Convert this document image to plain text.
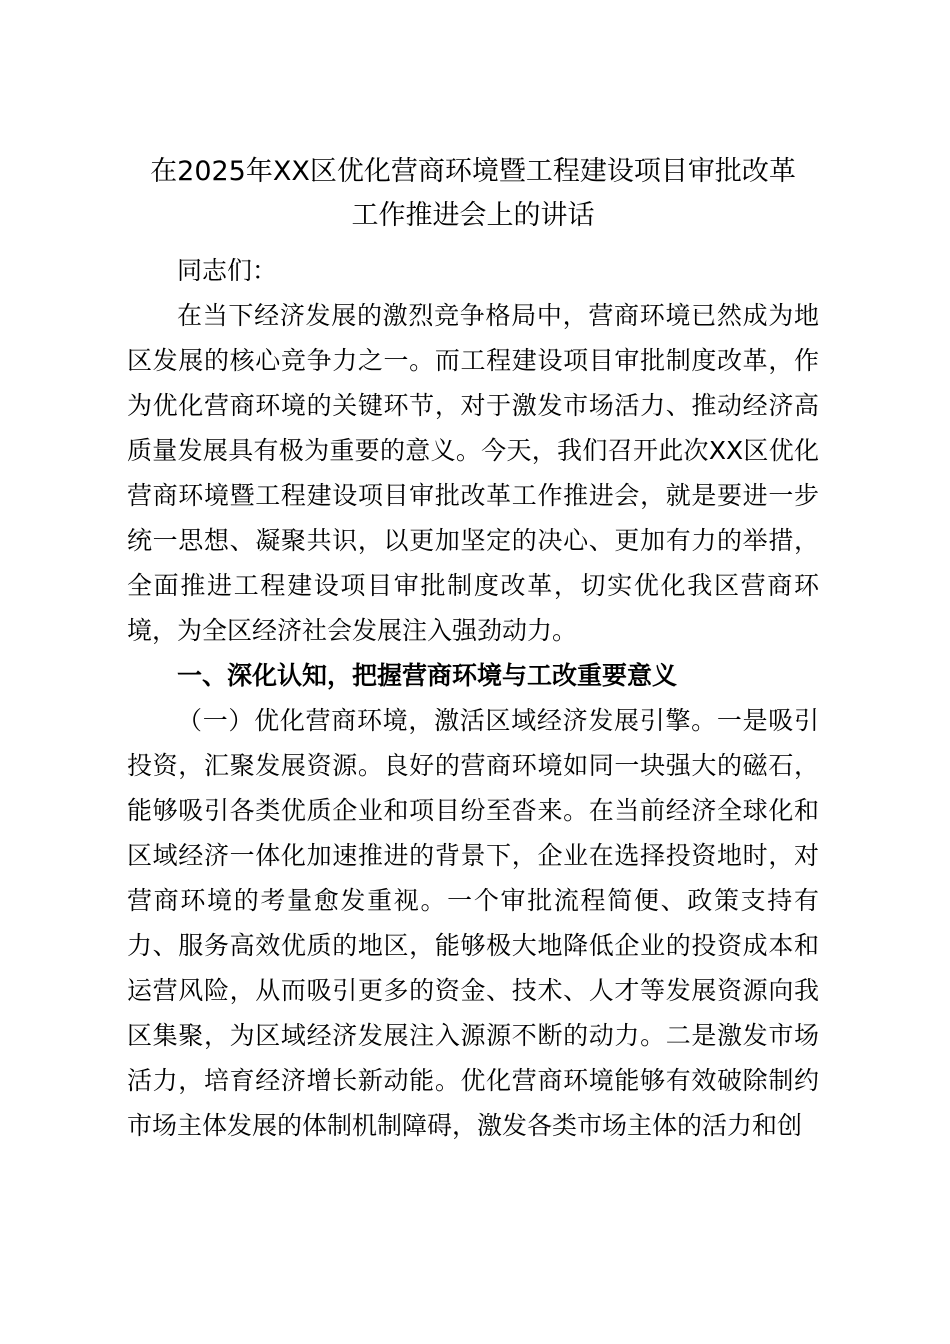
在2025年XX区优化营商环境暨工程建设项目审批改革
工作推进会上的讲话

同志们：

在当下经济发展的激烈竞争格局中，营商环境已然成为地区发展的核心竞争力之一。而工程建设项目审批制度改革，作为优化营商环境的关键环节，对于激发市场活力、推动经济高质量发展具有极为重要的意义。今天，我们召开此次XX区优化营商环境暨工程建设项目审批改革工作推进会，就是要进一步统一思想、凝聚共识，以更加坚定的决心、更加有力的举措，全面推进工程建设项目审批制度改革，切实优化我区营商环境，为全区经济社会发展注入强劲动力。

一、深化认知，把握营商环境与工改重要意义

（一）优化营商环境，激活区域经济发展引擎。一是吸引投资，汇聚发展资源。良好的营商环境如同一块强大的磁石，能够吸引各类优质企业和项目纷至沓来。在当前经济全球化和区域经济一体化加速推进的背景下，企业在选择投资地时，对营商环境的考量愈发重视。一个审批流程简便、政策支持有力、服务高效优质的地区，能够极大地降低企业的投资成本和运营风险，从而吸引更多的资金、技术、人才等发展资源向我区集聚，为区域经济发展注入源源不断的动力。二是激发市场活力，培育经济增长新动能。优化营商环境能够有效破除制约市场主体发展的体制机制障碍，激发各类市场主体的活力和创
